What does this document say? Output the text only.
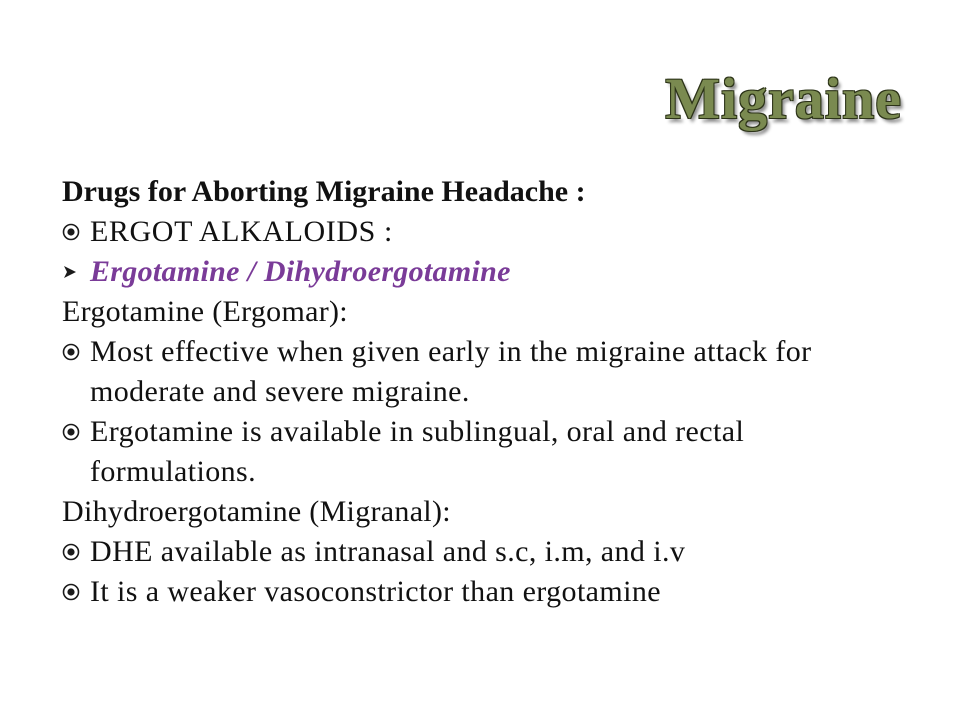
Migraine
Drugs for Aborting Migraine Headache :
ERGOT ALKALOIDS :
Ergotamine / Dihydroergotamine
Ergotamine (Ergomar):
Most effective when given early in the migraine attack for moderate and severe migraine.
Ergotamine is available in sublingual, oral and rectal formulations.
Dihydroergotamine (Migranal):
DHE available as intranasal and s.c, i.m, and i.v
It is a weaker vasoconstrictor than ergotamine
